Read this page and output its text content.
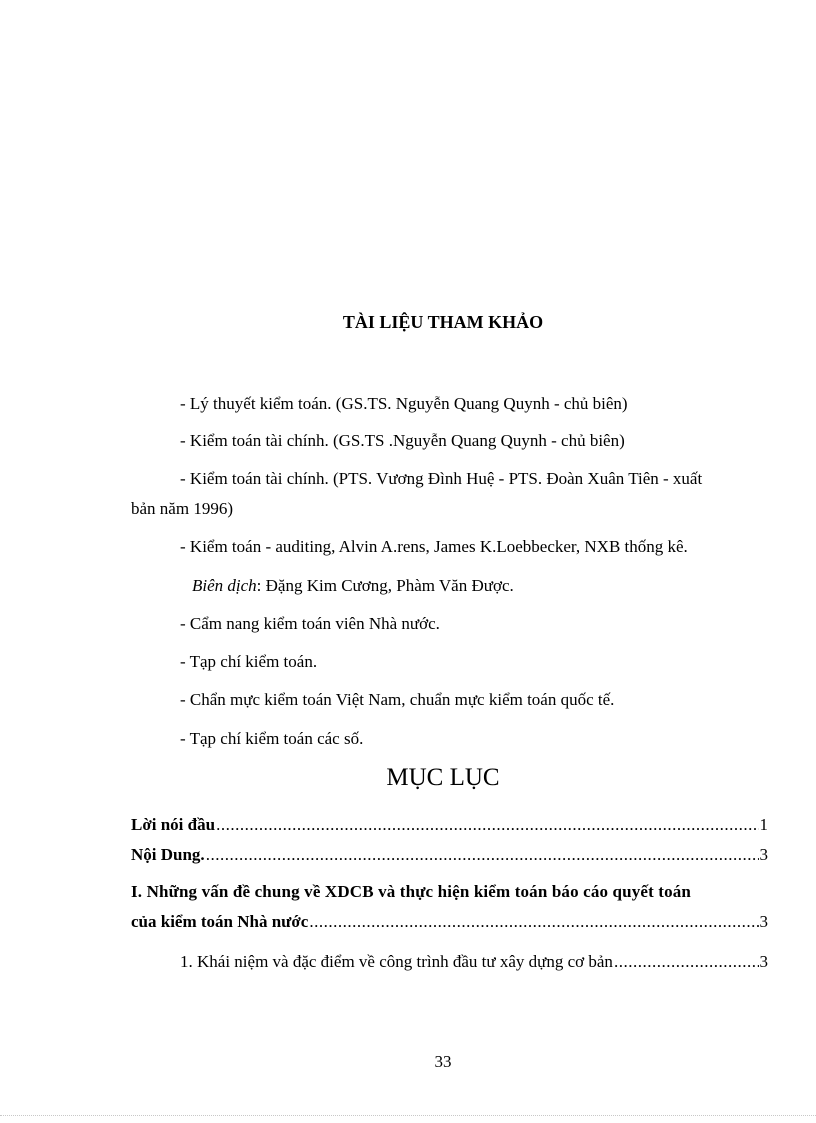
TÀI LIỆU THAM KHẢO
- Lý thuyết kiểm toán. (GS.TS. Nguyễn Quang Quynh - chủ biên)
- Kiểm toán tài chính. (GS.TS .Nguyễn Quang Quynh - chủ biên)
- Kiểm toán tài chính. (PTS. Vương Đình Huệ - PTS. Đoàn Xuân Tiên - xuất
bản năm 1996)
- Kiểm toán - auditing, Alvin A.rens, James K.Loebbecker, NXB thống kê.
Biên dịch: Đặng Kim Cương, Phàm Văn Được.
- Cẩm nang kiểm toán viên Nhà nước.
- Tạp chí kiểm toán.
- Chẩn mực kiểm toán Việt Nam, chuẩn mực kiểm toán quốc tế.
- Tạp chí kiểm toán các số.
MỤC LỤC
Lời nói đầu .....	1
Nội Dung. .....	3
I. Những vấn đề chung về XDCB và thực hiện kiểm toán báo cáo quyết toán
của kiểm toán Nhà nước .....	3
1. Khái niệm và đặc điểm về công trình đầu tư xây dựng cơ bản .....	3
33
